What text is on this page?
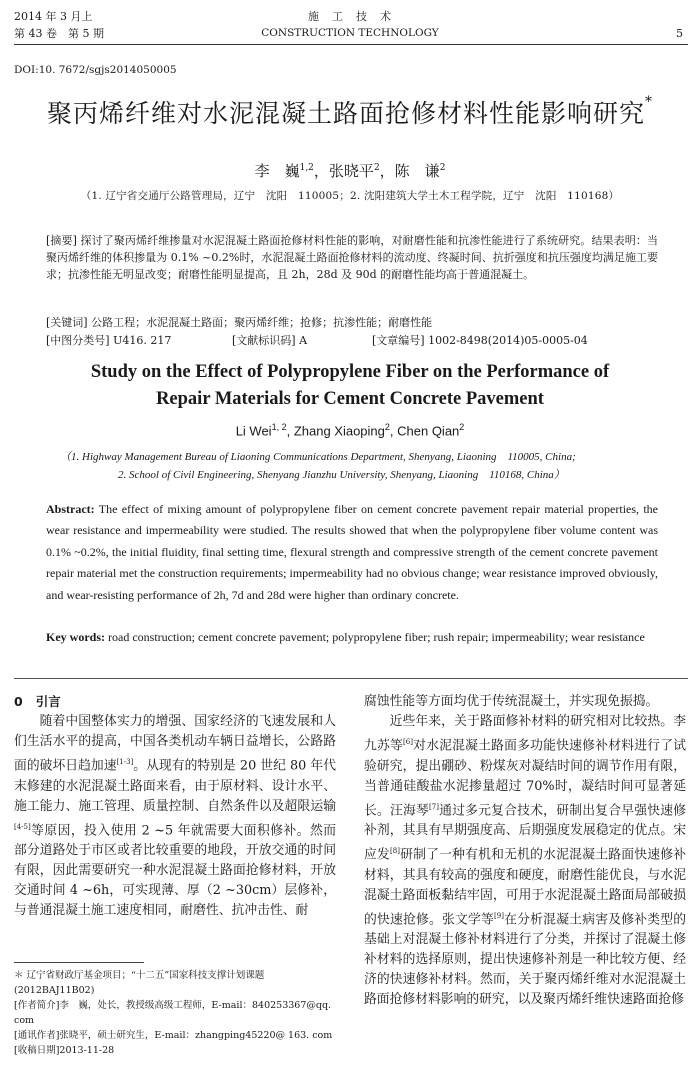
2014 年 3 月上
第 43 卷　第 5 期
施　工　技　术
CONSTRUCTION TECHNOLOGY	5
DOI:10. 7672/sgjs2014050005
聚丙烯纤维对水泥混凝土路面抢修材料性能影响研究*
李　巍$^{1,2}$，张晓平$^2$，陈　谦$^2$
（1. 辽宁省交通厅公路管理局，辽宁　沈阳　110005；2. 沈阳建筑大学土木工程学院，辽宁　沈阳　110168）
[摘要] 探讨了聚丙烯纤维掺量对水泥混凝土路面抢修材料性能的影响，对耐磨性能和抗渗性能进行了系统研究。结果表明：当聚丙烯纤维的体积掺量为 0.1% ~0.2%时，水泥混凝土路面抢修材料的流动度、终凝时间、抗折强度和抗压强度均满足施工要求；抗渗性能无明显改变；耐磨性能明显提高，且 2h，28d 及 90d 的耐磨性能均高于普通混凝土。
[关键词] 公路工程；水泥混凝土路面；聚丙烯纤维；抢修；抗渗性能；耐磨性能
[中图分类号] U416. 217	[文献标识码] A	[文章编号] 1002-8498(2014)05-0005-04
Study on the Effect of Polypropylene Fiber on the Performance of
Repair Materials for Cement Concrete Pavement
Li Wei$^{1, 2}$, Zhang Xiaoping$^2$, Chen Qian$^2$
（1. Highway Management Bureau of Liaoning Communications Department, Shenyang, Liaoning　110005, China;
2. School of Civil Engineering, Shenyang Jianzhu University, Shenyang, Liaoning　110168, China）
Abstract: The effect of mixing amount of polypropylene fiber on cement concrete pavement repair material properties, the wear resistance and impermeability were studied. The results showed that when the polypropylene fiber volume content was 0.1% ~0.2%, the initial fluidity, final setting time, flexural strength and compressive strength of the cement concrete pavement repair material met the construction requirements; impermeability had no obvious change; wear resistance improved obviously, and wear-resisting performance of 2h, 7d and 28d were higher than ordinary concrete.
Key words: road construction; cement concrete pavement; polypropylene fiber; rush repair; impermeability; wear resistance
0 引言

随着中国整体实力的增强、国家经济的飞速发展和人们生活水平的提高，中国各类机动车辆日益增长，公路路面的破坏日趋加速[1-3]。从现有的特别是 20 世纪 80 年代末修建的水泥混凝土路面来看，由于原材料、设计水平、施工能力、施工管理、质量控制、自然条件以及超限运输[4-5]等原因，投入使用 2 ~5 年就需要大面积修补。然而部分道路处于市区或者比较重要的地段，开放交通的时间有限，因此需要研究一种水泥混凝土路面抢修材料，开放交通时间 4 ~6h，可实现薄、厚（2 ~30cm）层修补，与普通混凝土施工速度相同，耐磨性、抗冲击性、耐

＊ 辽宁省财政厅基金项目；“十二五”国家科技支撑计划课题(2012BAJ11B02)
[作者简介]李　巍，处长，教授级高级工程师，E-mail：840253367@qq. com
[通讯作者]张晓平，硕士研究生，E-mail：zhangping45220@ 163. com
[收稿日期]2013-11-28

腐蚀性能等方面均优于传统混凝土，并实现免振捣。

近些年来，关于路面修补材料的研究相对比较热。李九苏等[6]对水泥混凝土路面多功能快速修补材料进行了试验研究，提出硼砂、粉煤灰对凝结时间的调节作用有限，当普通硅酸盐水泥掺量超过 70%时，凝结时间可显著延长。汪海琴[7]通过多元复合技术，研制出复合早强快速修补剂，其具有早期强度高、后期强度发展稳定的优点。宋应发[8]研制了一种有机和无机的水泥混凝土路面快速修补材料，其具有较高的强度和硬度，耐磨性能优良，与水泥混凝土路面板黏结牢固，可用于水泥混凝土路面局部破损的快速抢修。张文学等[9]在分析混凝土病害及修补类型的基础上对混凝土修补材料进行了分类，并探讨了混凝土修补材料的选择原则，提出快速修补剂是一种比较方便、经济的快速修补材料。然而，关于聚丙烯纤维对水泥混凝土路面抢修材料影响的研究，以及聚丙烯纤维快速路面抢修
